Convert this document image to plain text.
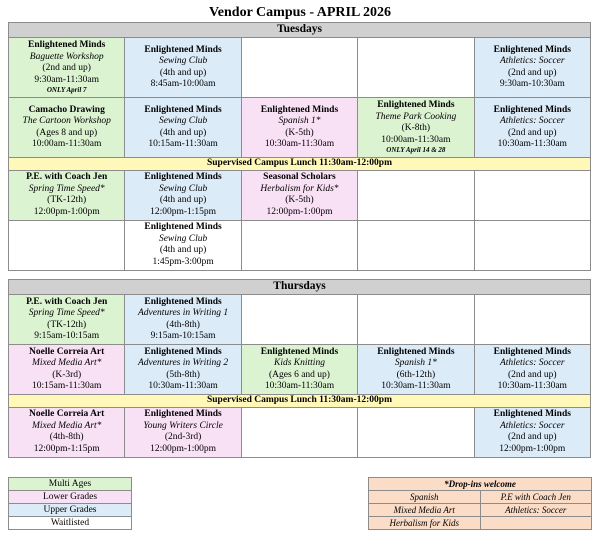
Vendor Campus - APRIL 2026
Tuesdays				

Enlightened Minds
Baguette Workshop
(2nd and up)
9:30am-11:30am
ONLY April 7	Enlightened Minds
Sewing Club
(4th and up)
8:45am-10:00am			Enlightened Minds
Athletics: Soccer
(2nd and up)
9:30am-10:30am

Camacho Drawing
The Cartoon Workshop
(Ages 8 and up)
10:00am-11:30am	Enlightened Minds
Sewing Club
(4th and up)
10:15am-11:30am	Enlightened Minds
Spanish 1*
(K-5th)
10:30am-11:30am	Enlightened Minds
Theme Park Cooking
(K-8th)
10:00am-11:30am
ONLY April 14 & 28	Enlightened Minds
Athletics: Soccer
(2nd and up)
10:30am-11:30am

Supervised Campus Lunch 11:30am-12:00pm				

P.E. with Coach Jen
Spring Time Speed*
(TK-12th)
12:00pm-1:00pm	Enlightened Minds
Sewing Club
(4th and up)
12:00pm-1:15pm	Seasonal Scholars
Herbalism for Kids*
(K-5th)
12:00pm-1:00pm		

	Enlightened Minds
Sewing Club
(4th and up)
1:45pm-3:00pm			

Thursdays				

P.E. with Coach Jen
Spring Time Speed*
(TK-12th)
9:15am-10:15am	Enlightened Minds
Adventures in Writing 1
(4th-8th)
9:15am-10:15am			

Noelle Correia Art
Mixed Media Art*
(K-3rd)
10:15am-11:30am	Enlightened Minds
Adventures in Writing 2
(5th-8th)
10:30am-11:30am	Enlightened Minds
Kids Knitting
(Ages 6 and up)
10:30am-11:30am	Enlightened Minds
Spanish 1*
(6th-12th)
10:30am-11:30am	Enlightened Minds
Athletics: Soccer
(2nd and up)
10:30am-11:30am

Supervised Campus Lunch 11:30am-12:00pm				

Noelle Correia Art
Mixed Media Art*
(4th-8th)
12:00pm-1:15pm	Enlightened Minds
Young Writers Circle
(2nd-3rd)
12:00pm-1:00pm			Enlightened Minds
Athletics: Soccer
(2nd and up)
12:00pm-1:00pm
Multi Ages
Lower Grades
Upper Grades
Waitlisted
*Drop-ins welcome	
Spanish	P.E with Coach Jen
Mixed Media Art	Athletics: Soccer
Herbalism for Kids	
